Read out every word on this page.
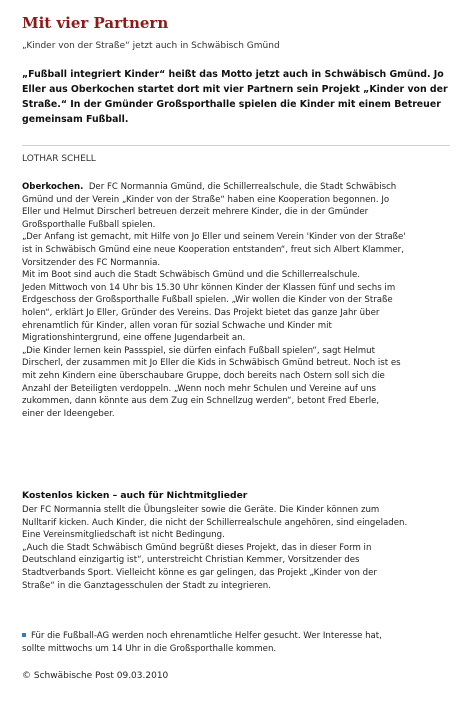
Mit vier Partnern
„Kinder von der Straße“ jetzt auch in Schwäbisch Gmünd
„Fußball integriert Kinder“ heißt das Motto jetzt auch in Schwäbisch Gmünd. Jo
Eller aus Oberkochen startet dort mit vier Partnern sein Projekt „Kinder von der
Straße.“ In der Gmünder Großsporthalle spielen die Kinder mit einem Betreuer
gemeinsam Fußball.
LOTHAR SCHELL
Oberkochen. Der FC Normannia Gmünd, die Schillerrealschule, die Stadt Schwäbisch
Gmünd und der Verein „Kinder von der Straße“ haben eine Kooperation begonnen. Jo
Eller und Helmut Dirscherl betreuen derzeit mehrere Kinder, die in der Gmünder
Großsporthalle Fußball spielen.
„Der Anfang ist gemacht, mit Hilfe von Jo Eller und seinem Verein 'Kinder von der Straße'
ist in Schwäbisch Gmünd eine neue Kooperation entstanden“, freut sich Albert Klammer,
Vorsitzender des FC Normannia.
Mit im Boot sind auch die Stadt Schwäbisch Gmünd und die Schillerrealschule.
Jeden Mittwoch von 14 Uhr bis 15.30 Uhr können Kinder der Klassen fünf und sechs im
Erdgeschoss der Großsporthalle Fußball spielen. „Wir wollen die Kinder von der Straße
holen“, erklärt Jo Eller, Gründer des Vereins. Das Projekt bietet das ganze Jahr über
ehrenamtlich für Kinder, allen voran für sozial Schwache und Kinder mit
Migrationshintergrund, eine offene Jugendarbeit an.
„Die Kinder lernen kein Passspiel, sie dürfen einfach Fußball spielen“, sagt Helmut
Dirscherl, der zusammen mit Jo Eller die Kids in Schwäbisch Gmünd betreut. Noch ist es
mit zehn Kindern eine überschaubare Gruppe, doch bereits nach Ostern soll sich die
Anzahl der Beteiligten verdoppeln. „Wenn noch mehr Schulen und Vereine auf uns
zukommen, dann könnte aus dem Zug ein Schnellzug werden“, betont Fred Eberle,
einer der Ideengeber.
Kostenlos kicken – auch für Nichtmitglieder
Der FC Normannia stellt die Übungsleiter sowie die Geräte. Die Kinder können zum
Nulltarif kicken. Auch Kinder, die nicht der Schillerrealschule angehören, sind eingeladen.
Eine Vereinsmitgliedschaft ist nicht Bedingung.
„Auch die Stadt Schwäbisch Gmünd begrüßt dieses Projekt, das in dieser Form in
Deutschland einzigartig ist“, unterstreicht Christian Kemmer, Vorsitzender des
Stadtverbands Sport. Vielleicht könne es gar gelingen, das Projekt „Kinder von der
Straße“ in die Ganztagesschulen der Stadt zu integrieren.
Für die Fußball-AG werden noch ehrenamtliche Helfer gesucht. Wer Interesse hat,
sollte mittwochs um 14 Uhr in die Großsporthalle kommen.
© Schwäbische Post 09.03.2010
